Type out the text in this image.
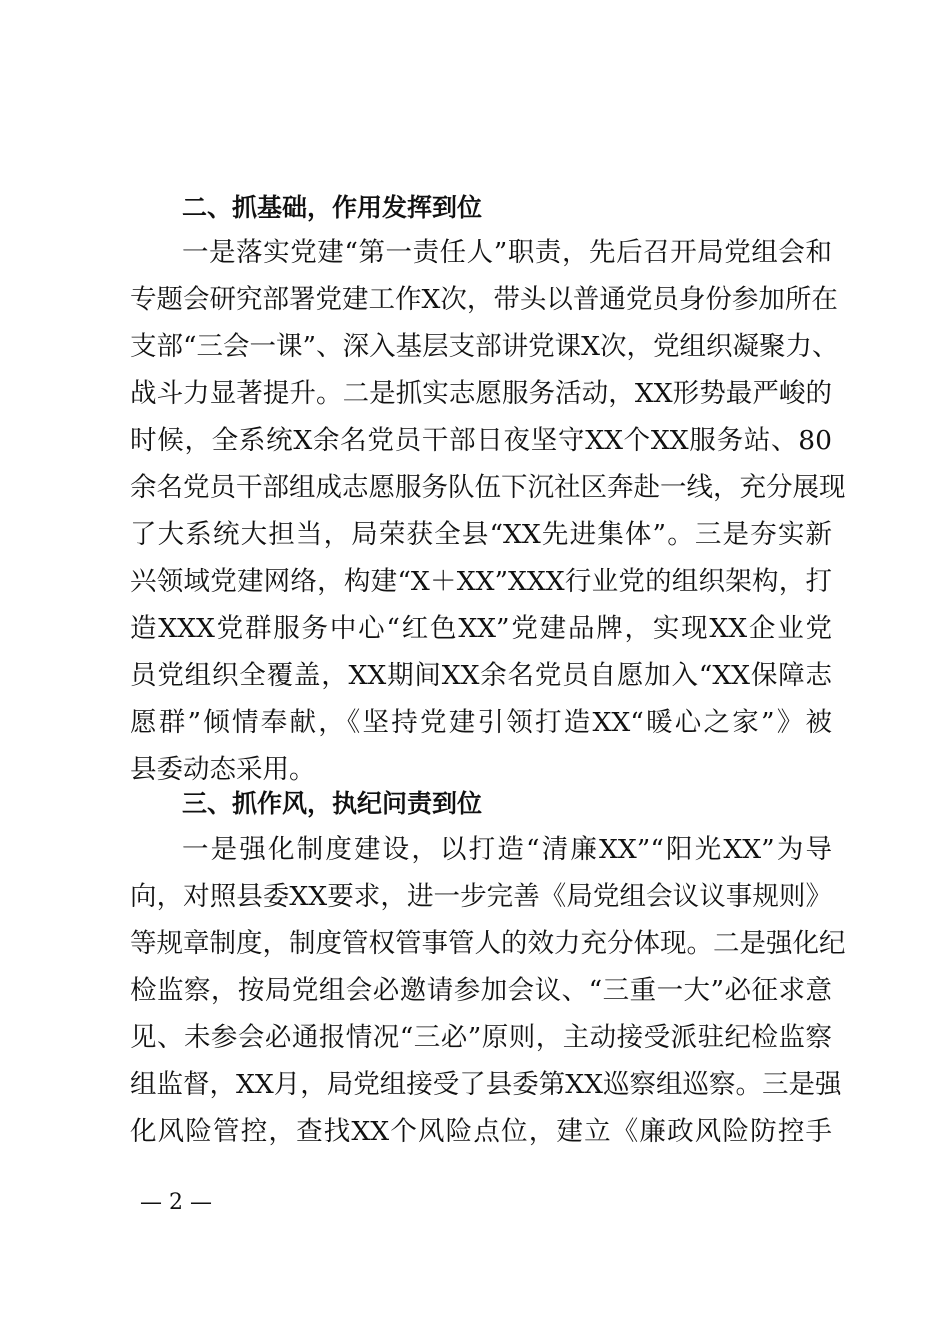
二、抓基础，作用发挥到位
一是落实党建“第一责任人”职责，先后召开局党组会和
专题会研究部署党建工作X次，带头以普通党员身份参加所在
支部“三会一课”、深入基层支部讲党课X次，党组织凝聚力、
战斗力显著提升。二是抓实志愿服务活动，XX形势最严峻的
时候，全系统X余名党员干部日夜坚守XX个XX服务站、80
余名党员干部组成志愿服务队伍下沉社区奔赴一线，充分展现
了大系统大担当，局荣获全县“XX先进集体”。三是夯实新
兴领域党建网络，构建“X＋XX”XXX行业党的组织架构，打
造XXX党群服务中心“红色XX”党建品牌，实现XX企业党
员党组织全覆盖，XX期间XX余名党员自愿加入“XX保障志
愿群”倾情奉献，《坚持党建引领打造XX“暖心之家”》被
县委动态采用。
三、抓作风，执纪问责到位
一是强化制度建设，以打造“清廉XX”“阳光XX”为导
向，对照县委XX要求，进一步完善《局党组会议议事规则》
等规章制度，制度管权管事管人的效力充分体现。二是强化纪
检监察，按局党组会必邀请参加会议、“三重一大”必征求意
见、未参会必通报情况“三必”原则，主动接受派驻纪检监察
组监督，XX月，局党组接受了县委第XX巡察组巡察。三是强
化风险管控，查找XX个风险点位，建立《廉政风险防控手
— 2 —
